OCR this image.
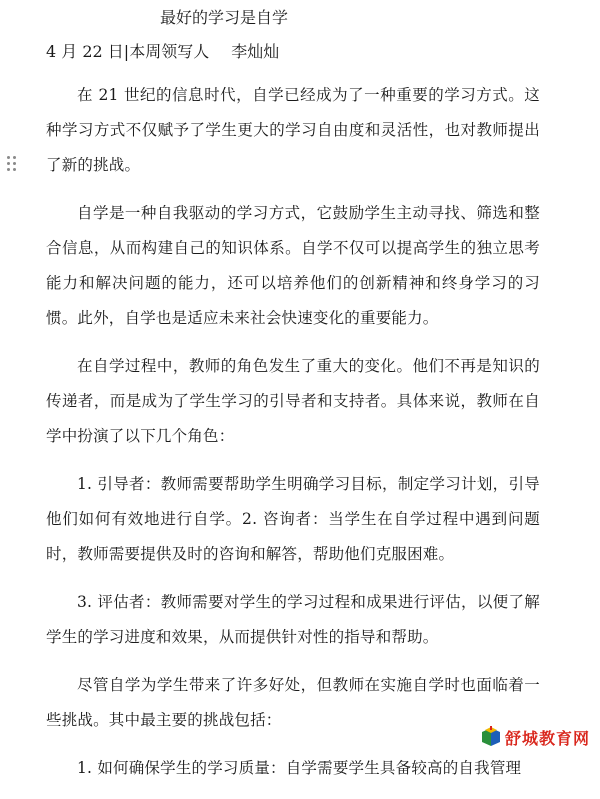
最好的学习是自学
4 月 22 日|本周领写人 李灿灿

在 21 世纪的信息时代，自学已经成为了一种重要的学习方式。这种学习方式不仅赋予了学生更大的学习自由度和灵活性，也对教师提出了新的挑战。

自学是一种自我驱动的学习方式，它鼓励学生主动寻找、筛选和整合信息，从而构建自己的知识体系。自学不仅可以提高学生的独立思考能力和解决问题的能力，还可以培养他们的创新精神和终身学习的习惯。此外，自学也是适应未来社会快速变化的重要能力。

在自学过程中，教师的角色发生了重大的变化。他们不再是知识的传递者，而是成为了学生学习的引导者和支持者。具体来说，教师在自学中扮演了以下几个角色：

1. 引导者：教师需要帮助学生明确学习目标，制定学习计划，引导他们如何有效地进行自学。2. 咨询者：当学生在自学过程中遇到问题时，教师需要提供及时的咨询和解答，帮助他们克服困难。

3. 评估者：教师需要对学生的学习过程和成果进行评估，以便了解学生的学习进度和效果，从而提供针对性的指导和帮助。

尽管自学为学生带来了许多好处，但教师在实施自学时也面临着一些挑战。其中最主要的挑战包括：

1. 如何确保学生的学习质量：自学需要学生具备较高的自我管理

舒城教育网
